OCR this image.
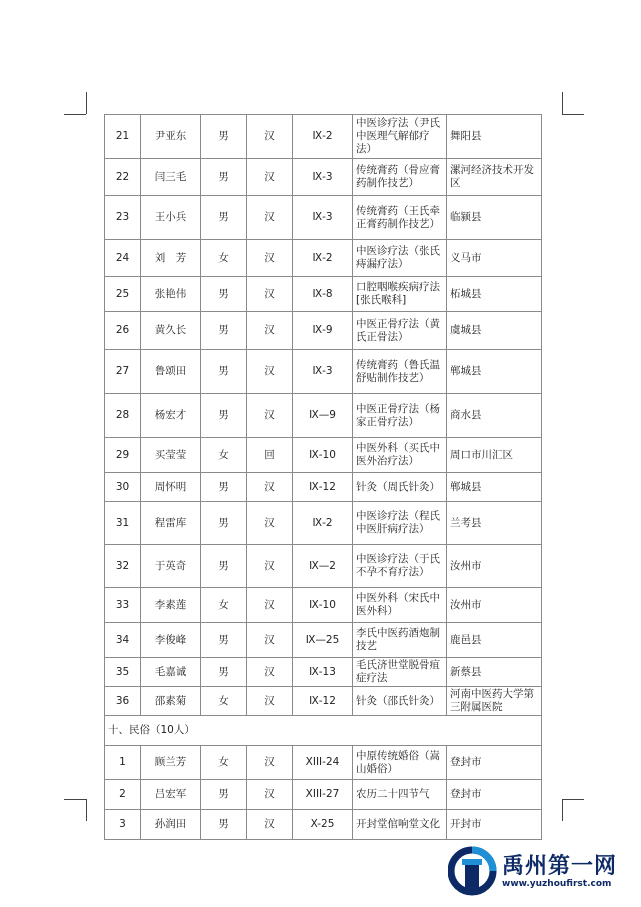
21	尹亚东	男	汉	Ⅸ-2	中医诊疗法（尹氏中医理气解郁疗法）	舞阳县
22	闫三毛	男	汉	Ⅸ-3	传统膏药（骨应膏药制作技艺）	漯河经济技术开发区
23	王小兵	男	汉	Ⅸ-3	传统膏药（王氏牵正膏药制作技艺）	临颍县
24	刘　芳	女	汉	Ⅸ-2	中医诊疗法（张氏痔漏疗法）	义马市
25	张艳伟	男	汉	Ⅸ-8	口腔咽喉疾病疗法[张氏喉科]	柘城县
26	黄久长	男	汉	Ⅸ-9	中医正骨疗法（黄氏正骨法）	虞城县
27	鲁颂田	男	汉	Ⅸ-3	传统膏药（鲁氏温舒贴制作技艺）	郸城县
28	杨宏才	男	汉	Ⅸ—9	中医正骨疗法（杨家正骨疗法）	商水县
29	买莹莹	女	回	Ⅸ-10	中医外科（买氏中医外治疗法）	周口市川汇区
30	周怀明	男	汉	Ⅸ-12	针灸（周氏针灸）	郸城县
31	程雷库	男	汉	Ⅸ-2	中医诊疗法（程氏中医肝病疗法）	兰考县
32	于英奇	男	汉	Ⅸ—2	中医诊疗法（于氏不孕不育疗法）	汝州市
33	李素莲	女	汉	Ⅸ-10	中医外科（宋氏中医外科）	汝州市
34	李俊峰	男	汉	Ⅸ—25	李氏中医药酒炮制技艺	鹿邑县
35	毛嘉诚	男	汉	Ⅸ-13	毛氏济世堂脱骨疽症疗法	新蔡县
36	邵素菊	女	汉	Ⅸ-12	针灸（邵氏针灸）	河南中医药大学第三附属医院
十、民俗（10人）						
1	顾兰芳	女	汉	XIII-24	中原传统婚俗（嵩山婚俗）	登封市
2	吕宏军	男	汉	XIII-27	农历二十四节气	登封市
3	孙润田	男	汉	X-25	开封堂倌响堂文化	开封市
禹州第一网
www.yuzhoufirst.com
